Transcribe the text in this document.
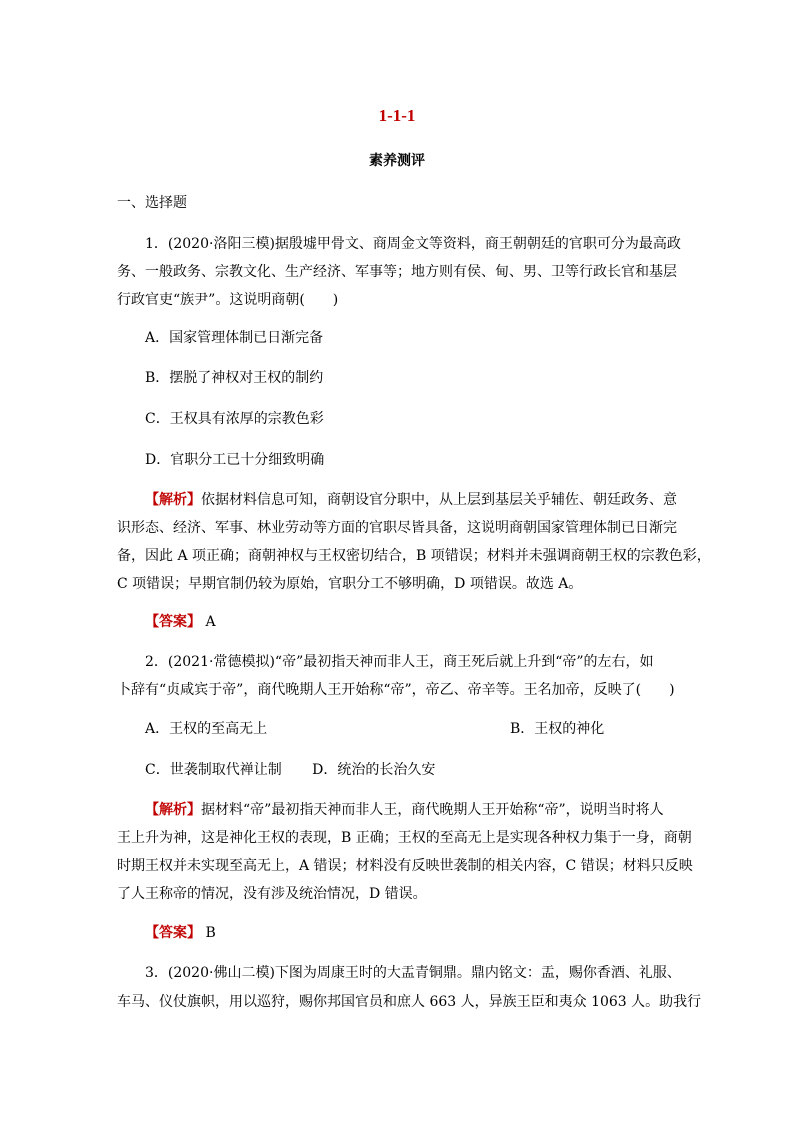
1-1-1
素养测评
一、选择题
1．(2020·洛阳三模)据殷墟甲骨文、商周金文等资料，商王朝朝廷的官职可分为最高政
务、一般政务、宗教文化、生产经济、军事等；地方则有侯、甸、男、卫等行政长官和基层
行政官吏“族尹”。这说明商朝(　　)
A．国家管理体制已日渐完备
B．摆脱了神权对王权的制约
C．王权具有浓厚的宗教色彩
D．官职分工已十分细致明确
【解析】依据材料信息可知，商朝设官分职中，从上层到基层关乎辅佐、朝廷政务、意
识形态、经济、军事、林业劳动等方面的官职尽皆具备，这说明商朝国家管理体制已日渐完
备，因此 A 项正确；商朝神权与王权密切结合，B 项错误；材料并未强调商朝王权的宗教色彩，
C 项错误；早期官制仍较为原始，官职分工不够明确，D 项错误。故选 A。
【答案】 A
2．(2021·常德模拟)“帝”最初指天神而非人王，商王死后就上升到“帝”的左右，如
卜辞有“贞咸宾于帝”，商代晚期人王开始称“帝”，帝乙、帝辛等。王名加帝，反映了(　　)
A．王权的至高无上	B．王权的神化
C．世袭制取代禅让制 D．统治的长治久安
【解析】据材料“帝”最初指天神而非人王，商代晚期人王开始称“帝”，说明当时将人
王上升为神，这是神化王权的表现，B 正确；王权的至高无上是实现各种权力集于一身，商朝
时期王权并未实现至高无上，A 错误；材料没有反映世袭制的相关内容，C 错误；材料只反映
了人王称帝的情况，没有涉及统治情况，D 错误。
【答案】 B
3．(2020·佛山二模)下图为周康王时的大盂青铜鼎。鼎内铭文：盂，赐你香酒、礼服、
车马、仪仗旗帜，用以巡狩，赐你邦国官员和庶人 663 人，异族王臣和夷众 1063 人。助我行
